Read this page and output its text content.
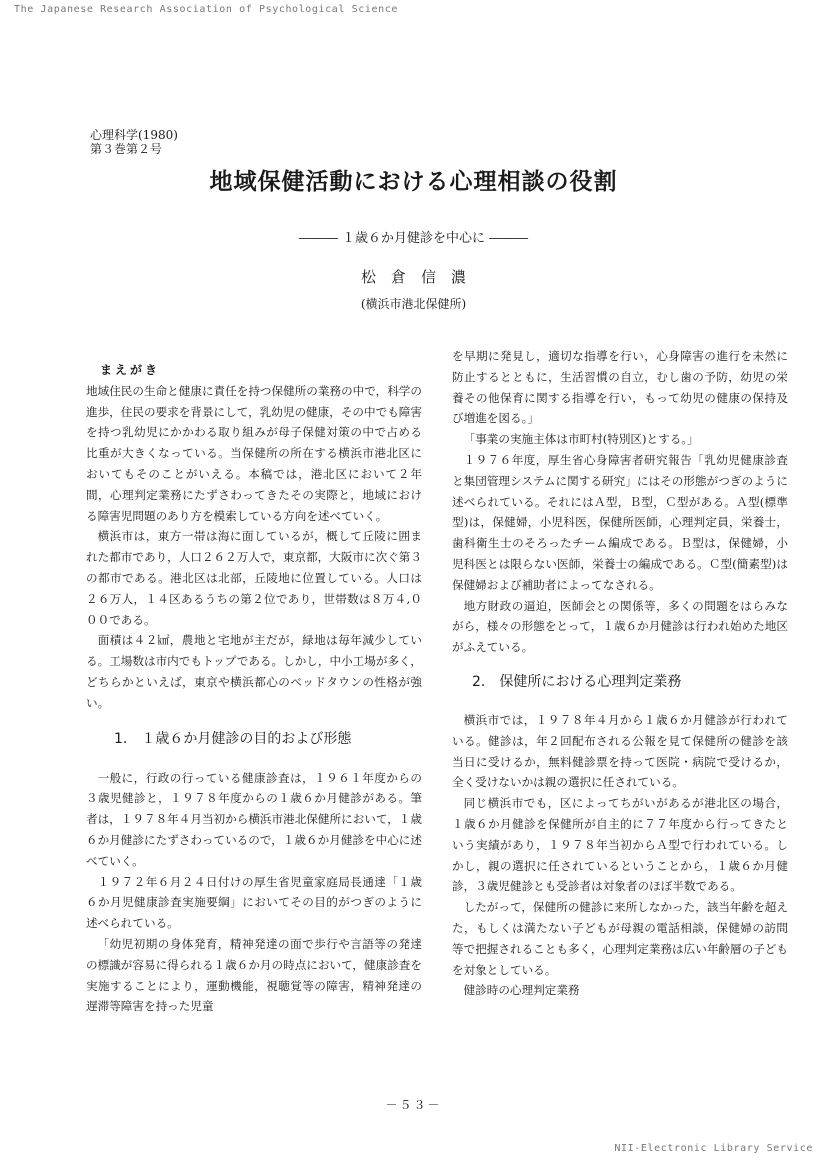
The Japanese Research Association of Psychological Science
心理科学(1980)
第３巻第２号
地域保健活動における心理相談の役割
――― １歳６か月健診を中心に ―――
松　倉　信　濃
(横浜市港北保健所)
まえがき

地域住民の生命と健康に責任を持つ保健所の業務の中で，科学の進歩，住民の要求を背景にして，乳幼児の健康，その中でも障害を持つ乳幼児にかかわる取り組みが母子保健対策の中で占める比重が大きくなっている。当保健所の所在する横浜市港北区においてもそのことがいえる。本稿では，港北区において２年間，心理判定業務にたずさわってきたその実際と，地域における障害児問題のあり方を模索している方向を述べていく。

横浜市は，東方一帯は海に面しているが，概して丘陵に囲まれた都市であり，人口２６２万人で，東京都，大阪市に次ぐ第３の都市である。港北区は北部，丘陵地に位置している。人口は２６万人，１４区あるうちの第２位であり，世帯数は８万４,０００である。

面積は４２㎢，農地と宅地が主だが，緑地は毎年減少している。工場数は市内でもトップである。しかし，中小工場が多く，どちらかといえば，東京や横浜都心のベッドタウンの性格が強い。

1.　１歳６か月健診の目的および形態

一般に，行政の行っている健康診査は，１９６１年度からの３歳児健診と，１９７８年度からの１歳６か月健診がある。筆者は，１９７８年４月当初から横浜市港北保健所において，１歳６か月健診にたずさわっているので，１歳６か月健診を中心に述べていく。

１９７２年６月２４日付けの厚生省児童家庭局長通達「１歳６か月児健康診査実施要綱」においてその目的がつぎのように述べられている。

「幼児初期の身体発育，精神発達の面で歩行や言語等の発達の標識が容易に得られる１歳６か月の時点において，健康診査を実施することにより，運動機能，視聴覚等の障害，精神発達の遅滞等障害を持った児童

を早期に発見し，適切な指導を行い，心身障害の進行を未然に防止するとともに，生活習慣の自立，むし歯の予防，幼児の栄養その他保育に関する指導を行い，もって幼児の健康の保持及び増進を図る。」

「事業の実施主体は市町村(特別区)とする。」

１９７６年度，厚生省心身障害者研究報告「乳幼児健康診査と集団管理システムに関する研究」にはその形態がつぎのように述べられている。それにはＡ型，Ｂ型，Ｃ型がある。Ａ型(標準型)は，保健婦，小児科医，保健所医師，心理判定員，栄養士，歯科衛生士のそろったチーム編成である。Ｂ型は，保健婦，小児科医とは限らない医師，栄養士の編成である。Ｃ型(簡素型)は保健婦および補助者によってなされる。

地方財政の逼迫，医師会との関係等，多くの問題をはらみながら，様々の形態をとって，１歳６か月健診は行われ始めた地区がふえている。

2.　保健所における心理判定業務

横浜市では，１９７８年４月から１歳６か月健診が行われている。健診は，年２回配布される公報を見て保健所の健診を該当日に受けるか，無料健診票を持って医院・病院で受けるか，全く受けないかは親の選択に任されている。

同じ横浜市でも，区によってちがいがあるが港北区の場合，１歳６か月健診を保健所が自主的に７７年度から行ってきたという実績があり，１９７８年当初からＡ型で行われている。しかし，親の選択に任されているということから，１歳６か月健診，３歳児健診とも受診者は対象者のほぼ半数である。

したがって，保健所の健診に来所しなかった，該当年齢を超えた，もしくは満たない子どもが母親の電話相談，保健婦の訪問等で把握されることも多く，心理判定業務は広い年齢層の子どもを対象としている。

健診時の心理判定業務

－５３－
NII-Electronic Library Service
